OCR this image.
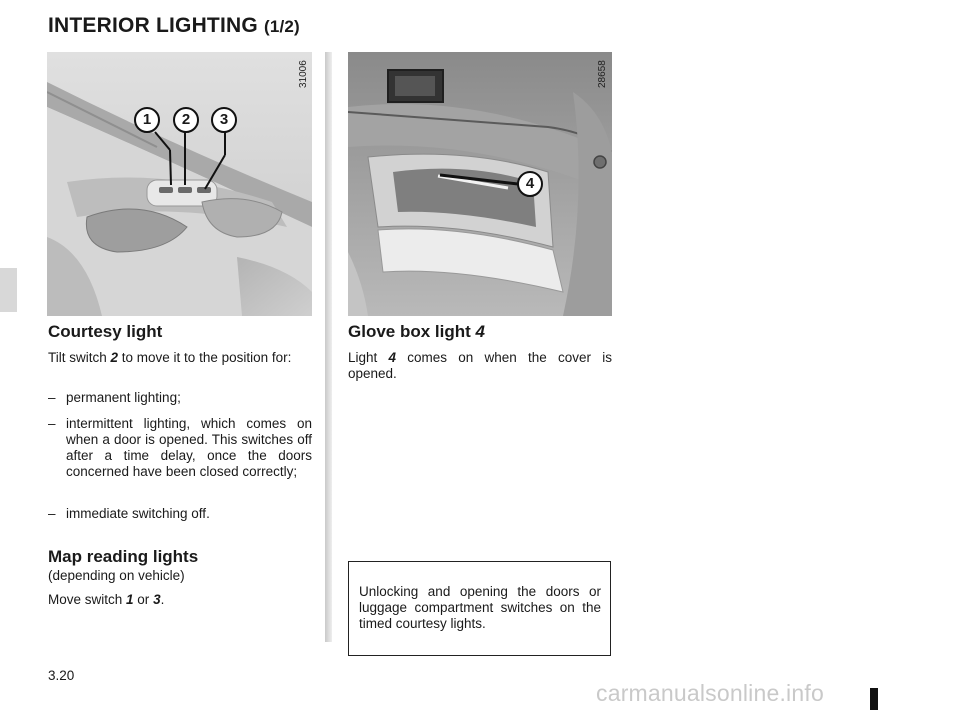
INTERIOR LIGHTING (1/2)
1	2	3
31006
4
28658
Courtesy light
Tilt switch 2 to move it to the position for:
– permanent lighting;
– intermittent lighting, which comes on when a door is opened. This switches off after a time delay, once the doors concerned have been closed correctly;
– immediate switching off.
Map reading lights
(depending on vehicle)
Move switch 1 or 3.
Glove box light 4
Light 4 comes on when the cover is opened.
Unlocking and opening the doors or luggage compartment switches on the timed courtesy lights.
3.20
carmanualsonline.info
